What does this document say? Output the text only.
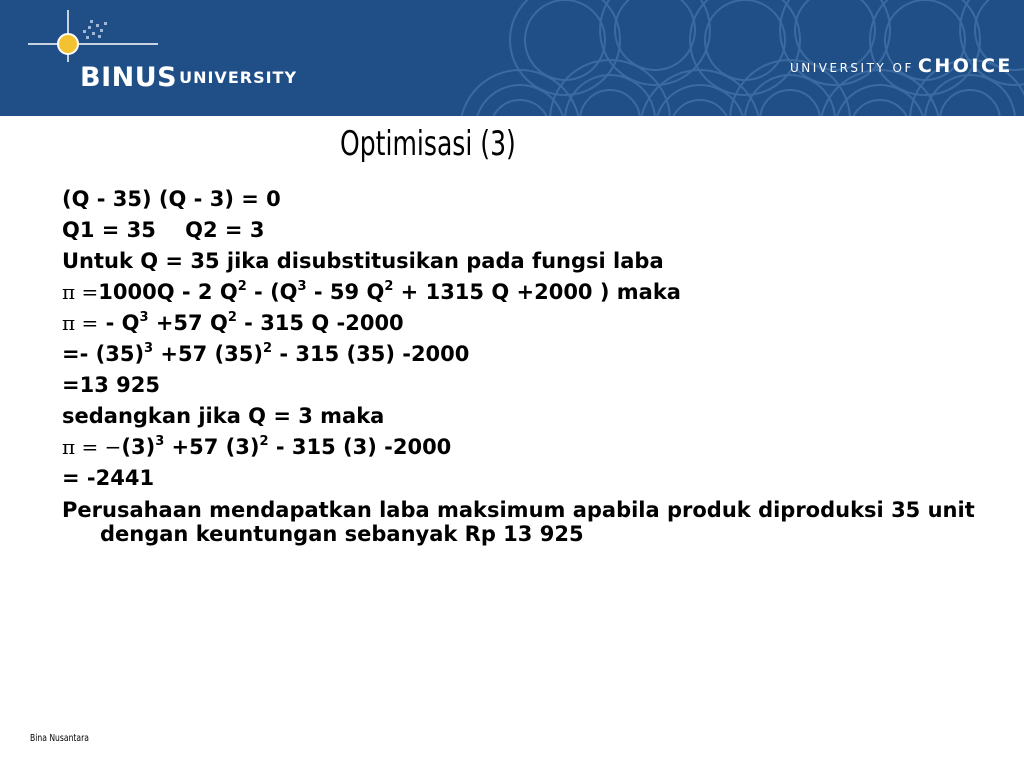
BINUS UNIVERSITY	UNIVERSITY OF CHOICE
Optimisasi (3)
(Q - 35) (Q - 3) = 0
Q1 = 35    Q2 = 3
Untuk Q = 35 jika disubstitusikan pada fungsi laba
π =1000Q - 2 $Q^2 - (Q^3 - 59$ $Q^2 + 1315$ Q +2000 ) maka
π = - $Q^3 +57$ $Q^2 - 315$ Q -2000
=- $(35)^3 +57$ $(35)^2 - 315$ (35) -2000
=13 925
sedangkan jika Q = 3 maka
$\pi = -(3)^3 +57$ $(3)^2 - 315$ (3) -2000
= -2441
Perusahaan mendapatkan laba maksimum apabila produk diproduksi 35 unit dengan keuntungan sebanyak Rp 13 925
Bina Nusantara
